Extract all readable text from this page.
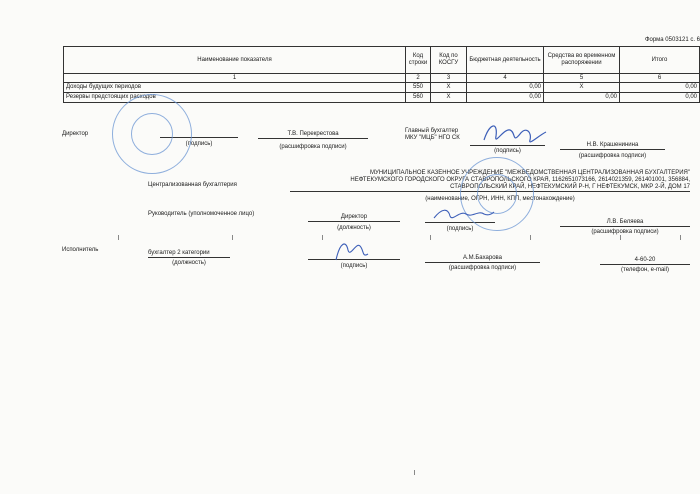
Форма 0503121 с. 6
Наименование показателя	Код строки	Код по КОСГУ	Бюджетная деятельность	Средства во временном распоряжении	Итого
1	2	3	4	5	6
Доходы будущих периодов	550	X	0,00	X	0,00
Резервы предстоящих расходов	560	X	0,00	0,00	0,00
Директор
(подпись)
Т.В. Перекрестова
(расшифровка подписи)
Главный бухгалтер
МКУ "МЦБ" НГО СК
(подпись)
Н.В. Крашенинина
(расшифровка подписи)
Централизованная бухгалтерия
МУНИЦИПАЛЬНОЕ КАЗЕННОЕ УЧРЕЖДЕНИЕ "МЕЖВЕДОМСТВЕННАЯ ЦЕНТРАЛИЗОВАННАЯ БУХГАЛТЕРИЯ"
НЕФТЕКУМСКОГО ГОРОДСКОГО ОКРУГА СТАВРОПОЛЬСКОГО КРАЯ, 1162651073166, 2614021359, 261401001, 356884,
СТАВРОПОЛЬСКИЙ КРАЙ, НЕФТЕКУМСКИЙ Р-Н, Г НЕФТЕКУМСК, МКР 2-Й, ДОМ 17
(наименование, ОГРН, ИНН, КПП, местонахождение)
Руководитель (уполномоченное лицо)	Директор
(должность)	(подпись)
Л.В. Беляева
(расшифровка подписи)
Исполнитель	бухгалтер 2 категории
(должность)	(подпись)
А.М.Бахарова
(расшифровка подписи)
4-60-20
(телефон, e-mail)
